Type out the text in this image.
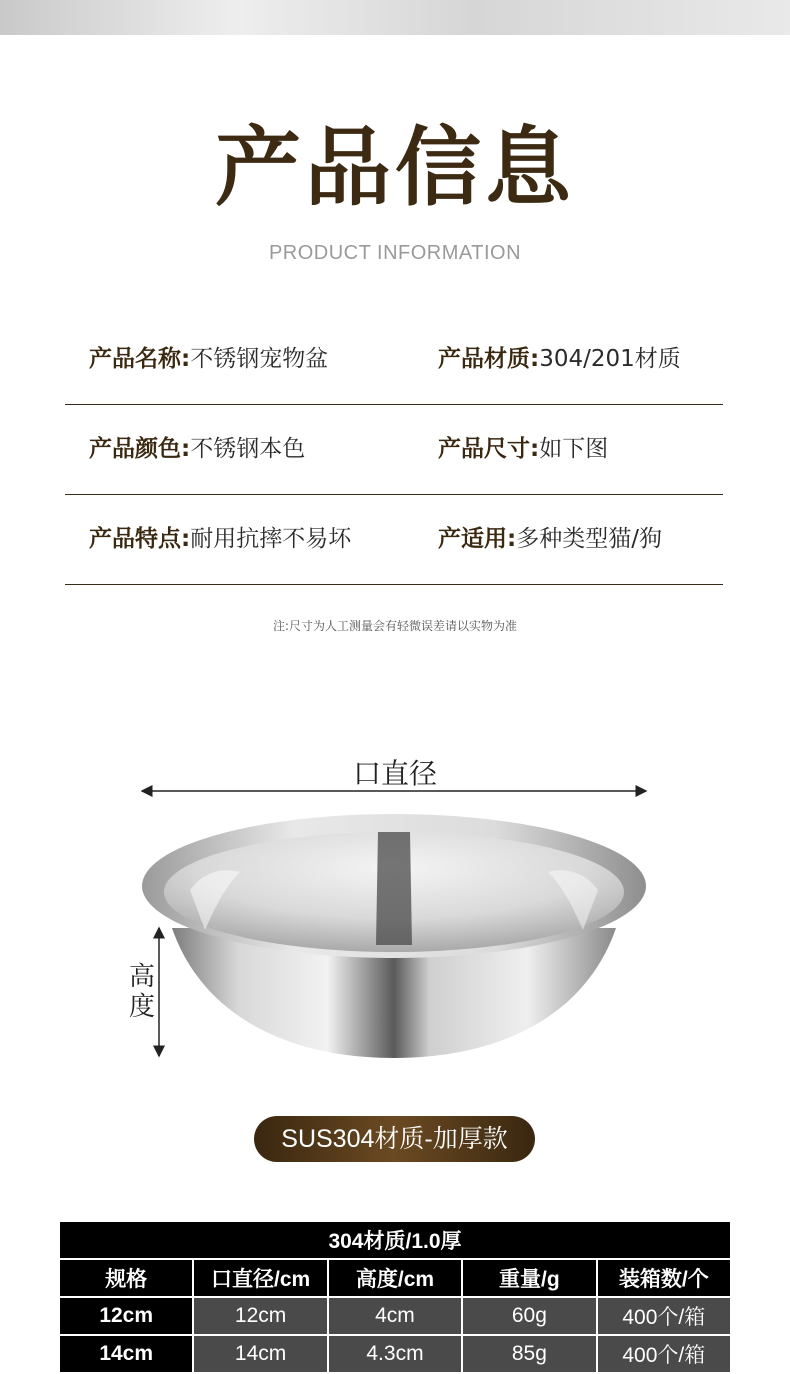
产品信息
PRODUCT INFORMATION
产品名称:不锈钢宠物盆	产品材质:304/201材质
产品颜色:不锈钢本色	产品尺寸:如下图
产品特点:耐用抗摔不易坏	产适用:多种类型猫/狗
注:尺寸为人工测量会有轻微误差请以实物为准
口直径
高
度
SUS304材质-加厚款
304材质/1.0厚				
规格	口直径/cm	高度/cm	重量/g	装箱数/个
12cm	12cm	4cm	60g	400个/箱
14cm	14cm	4.3cm	85g	400个/箱
